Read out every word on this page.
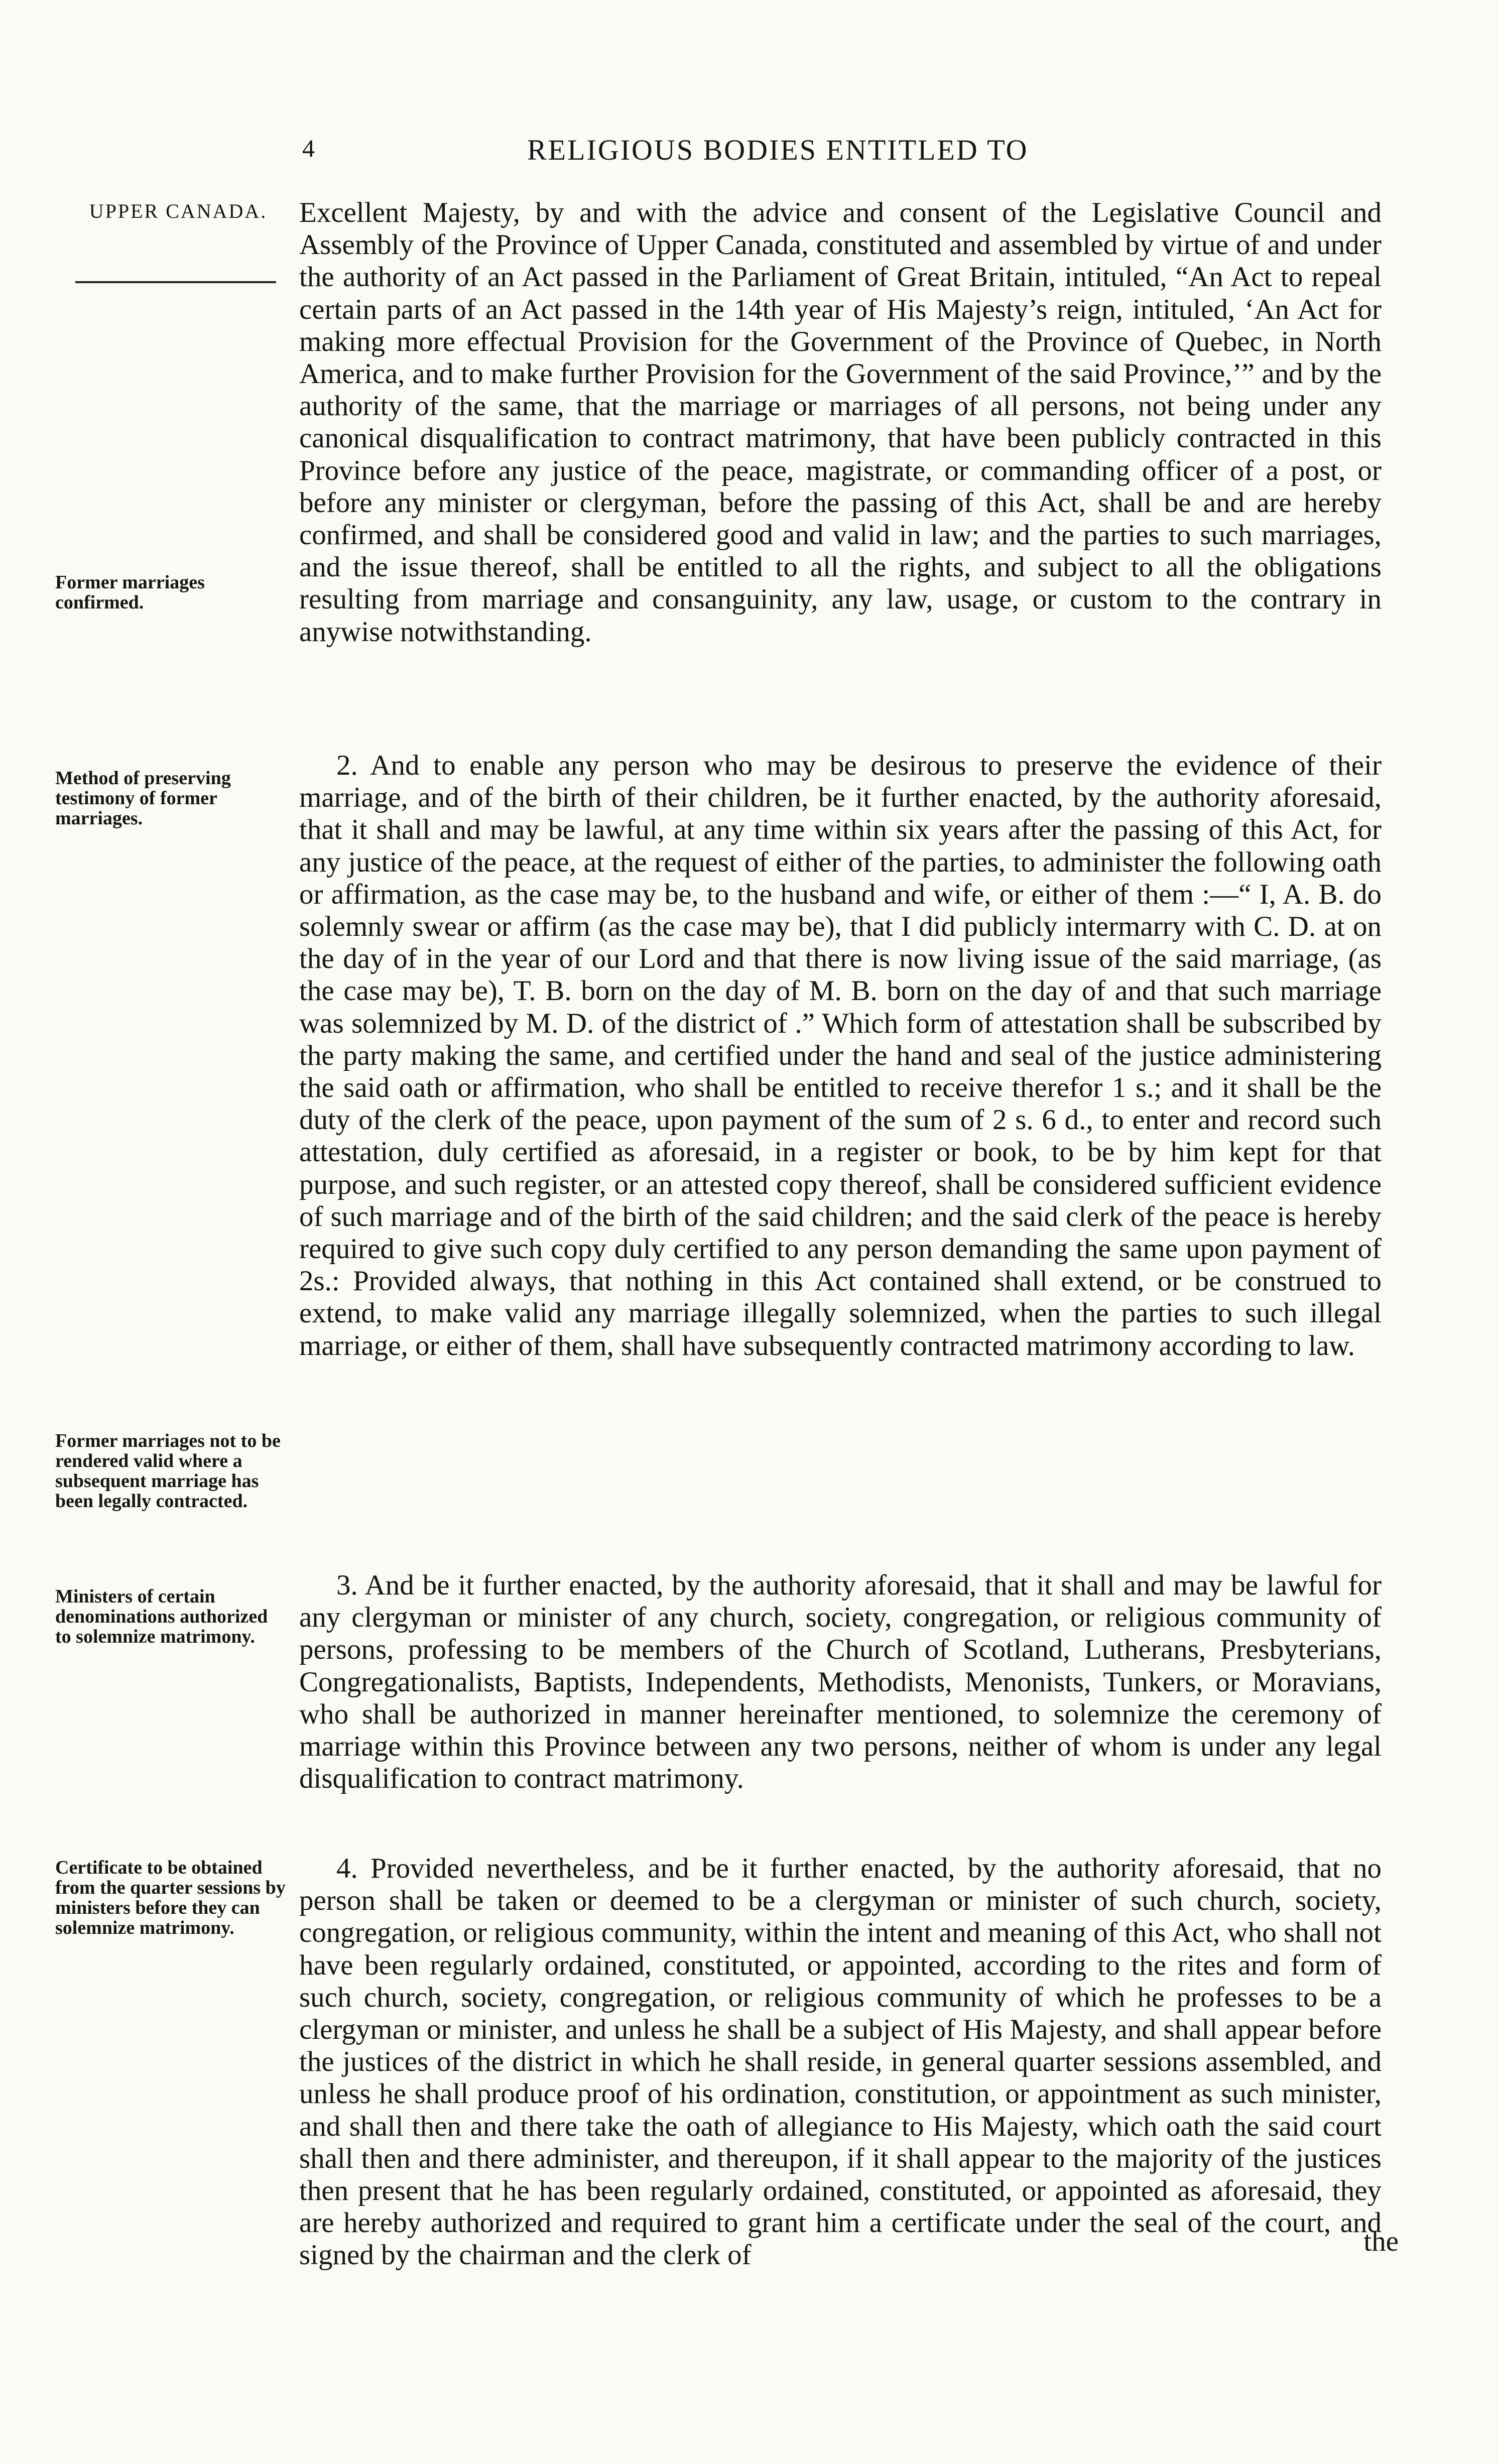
4	RELIGIOUS BODIES ENTITLED TO
UPPER CANADA.
Former marriages confirmed.
Method of preserving testimony of former marriages.
Former marriages not to be rendered valid where a subsequent marriage has been legally contracted.
Ministers of certain denominations authorized to solemnize matrimony.
Certificate to be obtained from the quarter sessions by ministers before they can solemnize matrimony.

Excellent Majesty, by and with the advice and consent of the Legislative Council and Assembly of the Province of Upper Canada, constituted and assembled by virtue of and under the authority of an Act passed in the Parliament of Great Britain, intituled, “An Act to repeal certain parts of an Act passed in the 14th year of His Majesty’s reign, intituled, ‘An Act for making more effectual Provision for the Government of the Province of Quebec, in North America, and to make further Provision for the Government of the said Province,’” and by the authority of the same, that the marriage or marriages of all persons, not being under any canonical disqualification to contract matrimony, that have been publicly contracted in this Province before any justice of the peace, magistrate, or commanding officer of a post, or before any minister or clergyman, before the passing of this Act, shall be and are hereby confirmed, and shall be considered good and valid in law; and the parties to such marriages, and the issue thereof, shall be entitled to all the rights, and subject to all the obligations resulting from marriage and consanguinity, any law, usage, or custom to the contrary in anywise notwithstanding.

2. And to enable any person who may be desirous to preserve the evidence of their marriage, and of the birth of their children, be it further enacted, by the authority aforesaid, that it shall and may be lawful, at any time within six years after the passing of this Act, for any justice of the peace, at the request of either of the parties, to administer the following oath or affirmation, as the case may be, to the husband and wife, or either of them :—“ I, A. B. do solemnly swear or affirm (as the case may be), that I did publicly intermarry with C. D. at on the day of in the year of our Lord and that there is now living issue of the said marriage, (as the case may be), T. B. born on the day of M. B. born on the day of and that such marriage was solemnized by M. D. of the district of .” Which form of attestation shall be subscribed by the party making the same, and certified under the hand and seal of the justice administering the said oath or affirmation, who shall be entitled to receive therefor 1 s.; and it shall be the duty of the clerk of the peace, upon payment of the sum of 2 s. 6 d., to enter and record such attestation, duly certified as aforesaid, in a register or book, to be by him kept for that purpose, and such register, or an attested copy thereof, shall be considered sufficient evidence of such marriage and of the birth of the said children; and the said clerk of the peace is hereby required to give such copy duly certified to any person demanding the same upon payment of 2s.: Provided always, that nothing in this Act contained shall extend, or be construed to extend, to make valid any marriage illegally solemnized, when the parties to such illegal marriage, or either of them, shall have subsequently contracted matrimony according to law.

3. And be it further enacted, by the authority aforesaid, that it shall and may be lawful for any clergyman or minister of any church, society, congregation, or religious community of persons, professing to be members of the Church of Scotland, Lutherans, Presbyterians, Congregationalists, Baptists, Independents, Methodists, Menonists, Tunkers, or Moravians, who shall be authorized in manner hereinafter mentioned, to solemnize the ceremony of marriage within this Province between any two persons, neither of whom is under any legal disqualification to contract matrimony.

4. Provided nevertheless, and be it further enacted, by the authority aforesaid, that no person shall be taken or deemed to be a clergyman or minister of such church, society, congregation, or religious community, within the intent and meaning of this Act, who shall not have been regularly ordained, constituted, or appointed, according to the rites and form of such church, society, congregation, or religious community of which he professes to be a clergyman or minister, and unless he shall be a subject of His Majesty, and shall appear before the justices of the district in which he shall reside, in general quarter sessions assembled, and unless he shall produce proof of his ordination, constitution, or appointment as such minister, and shall then and there take the oath of allegiance to His Majesty, which oath the said court shall then and there administer, and thereupon, if it shall appear to the majority of the justices then present that he has been regularly ordained, constituted, or appointed as aforesaid, they are hereby authorized and required to grant him a certificate under the seal of the court, and signed by the chairman and the clerk of	the
